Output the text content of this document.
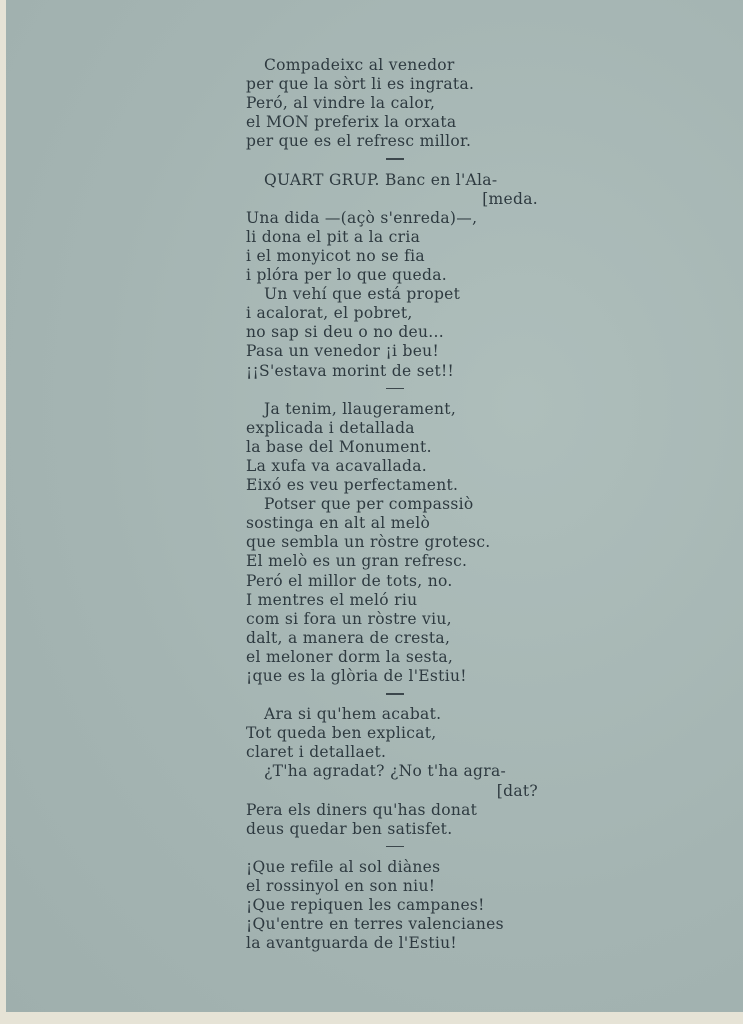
Compadeixc al venedor
per que la sòrt li es ingrata.
Peró, al vindre la calor,
el MON preferix la orxata
per que es el refresc millor.
QUART GRUP. Banc en l'Ala-
[meda.
Una dida —(açò s'enreda)—,
li dona el pit a la cria
i el monyicot no se fia
i plóra per lo que queda.
Un vehí que está propet
i acalorat, el pobret,
no sap si deu o no deu...
Pasa un venedor ¡i beu!
¡¡S'estava morint de set!!
Ja tenim, llaugerament,
explicada i detallada
la base del Monument.
La xufa va acavallada.
Eixó es veu perfectament.
Potser que per compassiò
sostinga en alt al melò
que sembla un ròstre grotesc.
El melò es un gran refresc.
Peró el millor de tots, no.
I mentres el meló riu
com si fora un ròstre viu,
dalt, a manera de cresta,
el meloner dorm la sesta,
¡que es la glòria de l'Estiu!
Ara si qu'hem acabat.
Tot queda ben explicat,
claret i detallaet.
¿T'ha agradat? ¿No t'ha agra-
[dat?
Pera els diners qu'has donat
deus quedar ben satisfet.
¡Que refile al sol diànes
el rossinyol en son niu!
¡Que repiquen les campanes!
¡Qu'entre en terres valencianes
la avantguarda de l'Estiu!
